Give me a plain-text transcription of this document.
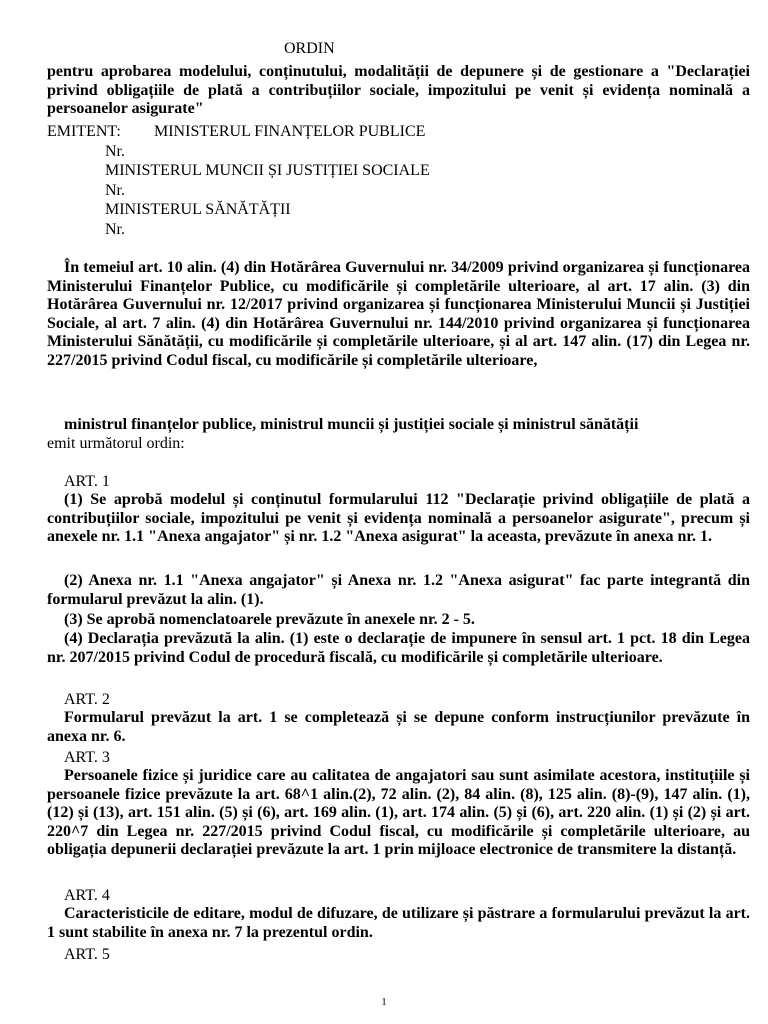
ORDIN
pentru aprobarea modelului, conținutului, modalității de depunere și de gestionare a "Declarației privind obligațiile de plată a contribuțiilor sociale, impozitului pe venit și evidența nominală a persoanelor asigurate"
EMITENT: MINISTERUL FINANȚELOR PUBLICE
Nr.
MINISTERUL MUNCII ȘI JUSTIȚIEI SOCIALE
Nr.
MINISTERUL SĂNĂTĂȚII
Nr.
În temeiul art. 10 alin. (4) din Hotărârea Guvernului nr. 34/2009 privind organizarea și funcționarea Ministerului Finanțelor Publice, cu modificările și completările ulterioare, al art. 17 alin. (3) din Hotărârea Guvernului nr. 12/2017 privind organizarea și funcționarea Ministerului Muncii și Justiției Sociale, al art. 7 alin. (4) din Hotărârea Guvernului nr. 144/2010 privind organizarea și funcționarea Ministerului Sănătății, cu modificările și completările ulterioare, și al art. 147 alin. (17) din Legea nr. 227/2015 privind Codul fiscal, cu modificările și completările ulterioare,
ministrul finanțelor publice, ministrul muncii și justiției sociale și ministrul sănătății
emit următorul ordin:
ART. 1
(1) Se aprobă modelul și conținutul formularului 112 "Declarație privind obligațiile de plată a contribuțiilor sociale, impozitului pe venit și evidența nominală a persoanelor asigurate", precum și anexele nr. 1.1 "Anexa angajator" și nr. 1.2 "Anexa asigurat" la aceasta, prevăzute în anexa nr. 1.
(2) Anexa nr. 1.1 "Anexa angajator" și Anexa nr. 1.2 "Anexa asigurat" fac parte integrantă din formularul prevăzut la alin. (1).
(3) Se aprobă nomenclatoarele prevăzute în anexele nr. 2 - 5.
(4) Declarația prevăzută la alin. (1) este o declarație de impunere în sensul art. 1 pct. 18 din Legea nr. 207/2015 privind Codul de procedură fiscală, cu modificările și completările ulterioare.
ART. 2
Formularul prevăzut la art. 1 se completează și se depune conform instrucțiunilor prevăzute în anexa nr. 6.
ART. 3
Persoanele fizice și juridice care au calitatea de angajatori sau sunt asimilate acestora, instituțiile și persoanele fizice prevăzute la art. 68^1 alin.(2), 72 alin. (2), 84 alin. (8), 125 alin. (8)-(9), 147 alin. (1), (12) și (13), art. 151 alin. (5) și (6), art. 169 alin. (1), art. 174 alin. (5) și (6), art. 220 alin. (1) și (2) și art. 220^7 din Legea nr. 227/2015 privind Codul fiscal, cu modificările și completările ulterioare, au obligația depunerii declarației prevăzute la art. 1 prin mijloace electronice de transmitere la distanță.
ART. 4
Caracteristicile de editare, modul de difuzare, de utilizare și păstrare a formularului prevăzut la art. 1 sunt stabilite în anexa nr. 7 la prezentul ordin.
ART. 5
1
